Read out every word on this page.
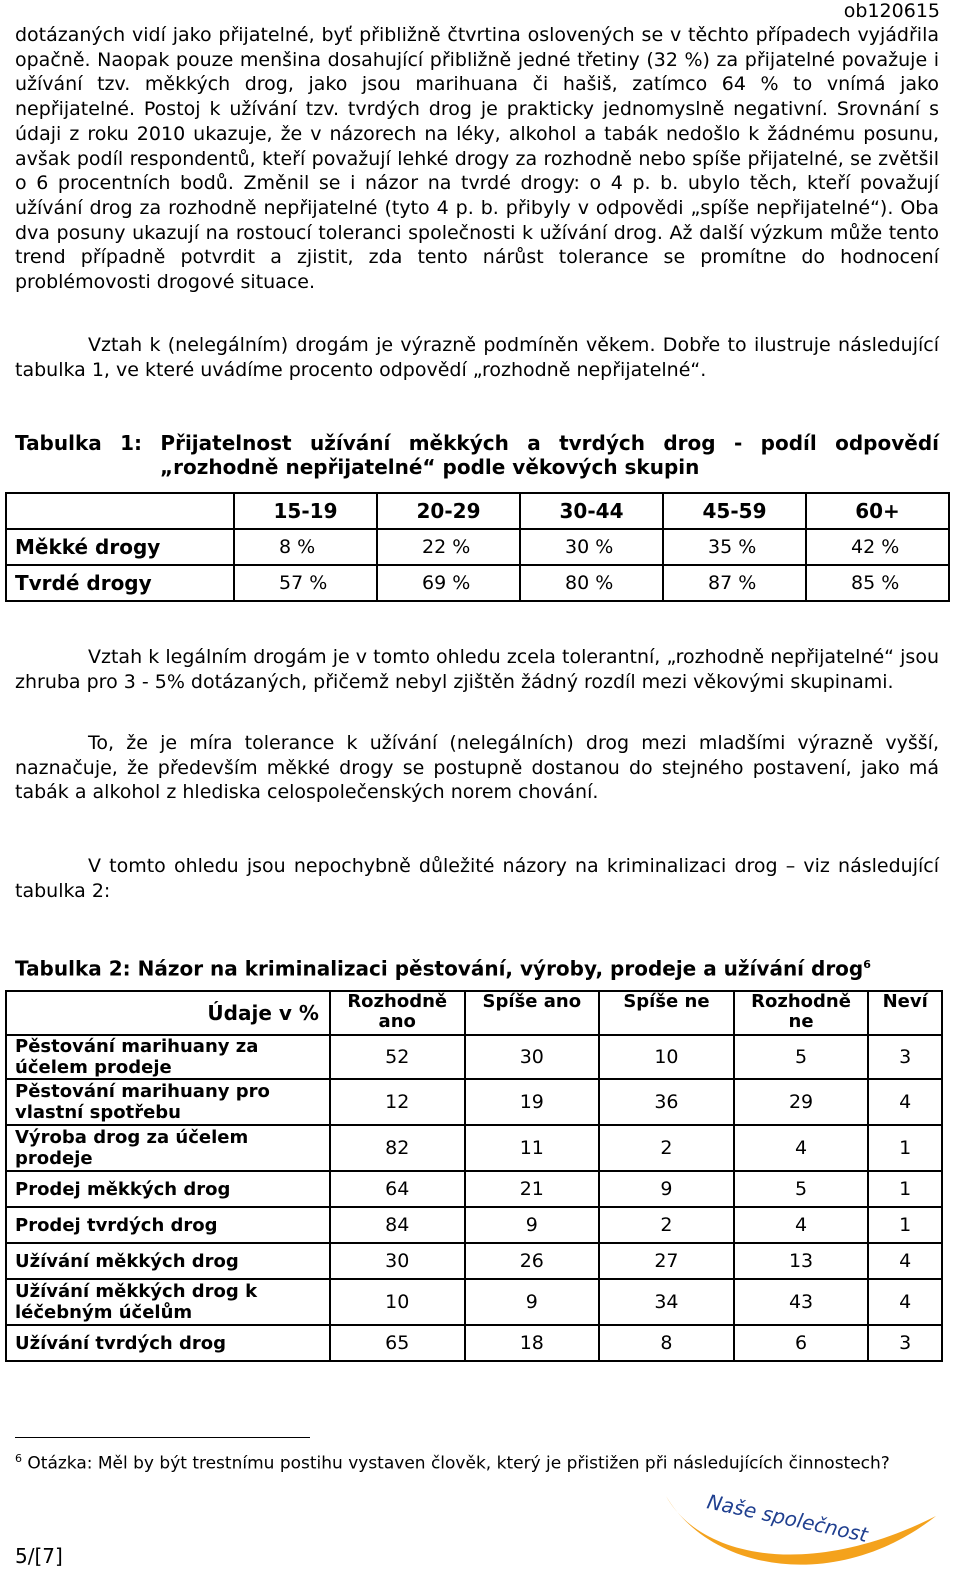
ob120615

dotázaných vidí jako přijatelné, byť přibližně čtvrtina oslovených se v těchto případech vyjádřila opačně. Naopak pouze menšina dosahující přibližně jedné třetiny (32 %) za přijatelné považuje i užívání tzv. měkkých drog, jako jsou marihuana či hašiš, zatímco 64 % to vnímá jako nepřijatelné. Postoj k užívání tzv. tvrdých drog je prakticky jednomyslně negativní. Srovnání s údaji z roku 2010 ukazuje, že v názorech na léky, alkohol a tabák nedošlo k žádnému posunu, avšak podíl respondentů, kteří považují lehké drogy za rozhodně nebo spíše přijatelné, se zvětšil o 6 procentních bodů. Změnil se i názor na tvrdé drogy: o 4 p. b. ubylo těch, kteří považují užívání drog za rozhodně nepřijatelné (tyto 4 p. b. přibyly v odpovědi „spíše nepřijatelné“). Oba dva posuny ukazují na rostoucí toleranci společnosti k užívání drog. Až další výzkum může tento trend případně potvrdit a zjistit, zda tento nárůst tolerance se promítne do hodnocení problémovosti drogové situace.

Vztah k (nelegálním) drogám je výrazně podmíněn věkem. Dobře to ilustruje následující tabulka 1, ve které uvádíme procento odpovědí „rozhodně nepřijatelné“.

Tabulka 1: Přijatelnost užívání měkkých a tvrdých drog - podíl odpovědí
„rozhodně nepřijatelné“ podle věkových skupin
	15-19	20-29	30-44	45-59	60+
Měkké drogy	8 %	22 %	30 %	35 %	42 %
Tvrdé drogy	57 %	69 %	80 %	87 %	85 %

Vztah k legálním drogám je v tomto ohledu zcela tolerantní, „rozhodně nepřijatelné“ jsou zhruba pro 3 - 5% dotázaných, přičemž nebyl zjištěn žádný rozdíl mezi věkovými skupinami.

To, že je míra tolerance k užívání (nelegálních) drog mezi mladšími výrazně vyšší, naznačuje, že především měkké drogy se postupně dostanou do stejného postavení, jako má tabák a alkohol z hlediska celospolečenských norem chování.

V tomto ohledu jsou nepochybně důležité názory na kriminalizaci drog – viz následující tabulka 2:

Tabulka 2: Názor na kriminalizaci pěstování, výroby, prodeje a užívání drog$^6$
Údaje v %	Rozhodně ano	Spíše ano	Spíše ne	Rozhodně ne	Neví
Pěstování marihuany za účelem prodeje	52	30	10	5	3
Pěstování marihuany pro vlastní spotřebu	12	19	36	29	4
Výroba drog za účelem prodeje	82	11	2	4	1
Prodej měkkých drog	64	21	9	5	1
Prodej tvrdých drog	84	9	2	4	1
Užívání měkkých drog	30	26	27	13	4
Užívání měkkých drog k léčebným účelům	10	9	34	43	4
Užívání tvrdých drog	65	18	8	6	3

$^6$ Otázka: Měl by být trestnímu postihu vystaven člověk, který je přistižen při následujících činnostech?

5/[7]
Naše společnost
